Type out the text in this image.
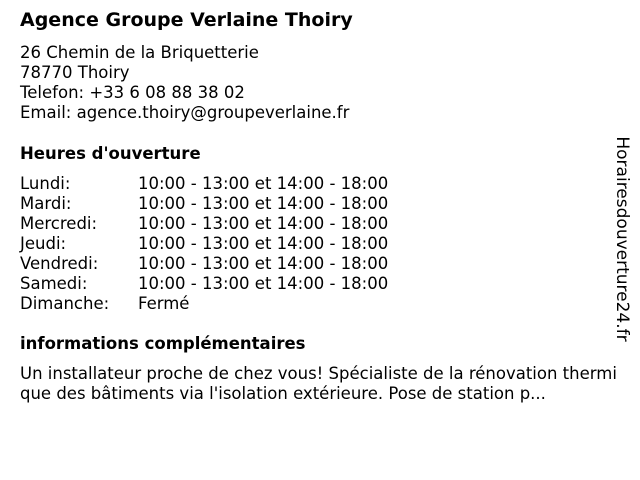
Agence Groupe Verlaine Thoiry
26 Chemin de la Briquetterie
78770 Thoiry
Telefon: +33 6 08 88 38 02
Email: agence.thoiry@groupeverlaine.fr
Heures d'ouverture
Lundi:	10:00 - 13:00 et 14:00 - 18:00
Mardi:	10:00 - 13:00 et 14:00 - 18:00
Mercredi: 10:00 - 13:00 et 14:00 - 18:00
Jeudi:	10:00 - 13:00 et 14:00 - 18:00
Vendredi: 10:00 - 13:00 et 14:00 - 18:00
Samedi:	10:00 - 13:00 et 14:00 - 18:00
Dimanche: Fermé
informations complémentaires
Un installateur proche de chez vous! Spécialiste de la rénovation thermique des bâtiments via l'isolation extérieure. Pose de station p...
Horairesdouverture24.fr
